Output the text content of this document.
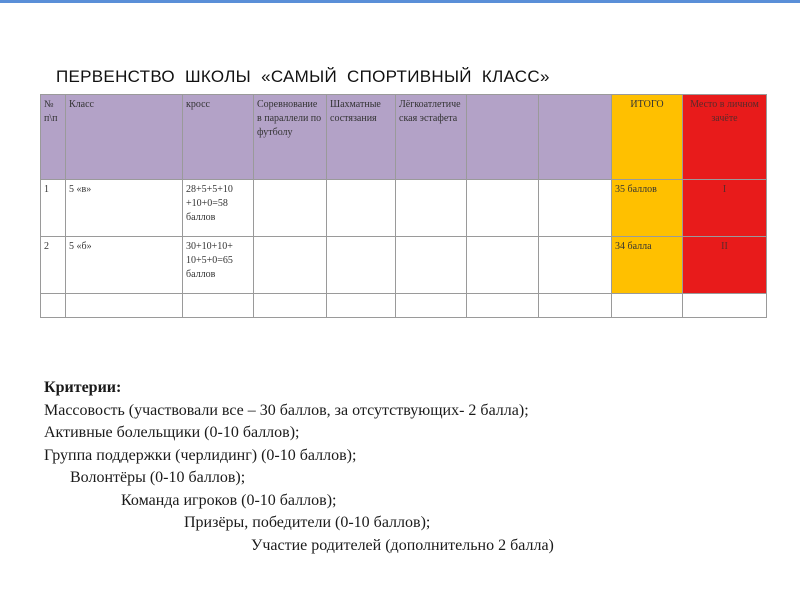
ПЕРВЕНСТВО  ШКОЛЫ  «САМЫЙ  СПОРТИВНЫЙ  КЛАСС»
№ п\п	Класс	кросс	Соревнование в параллели по футболу	Шахматные состязания	Лёгкоатлетическая эстафета			ИТОГО	Место в личном зачёте
1	5 «в»	28+5+5+10 +10+0=58 баллов						35 баллов	I
2	5 «б»	30+10+10+ 10+5+0=65 баллов						34 балла	II

Критерии:
Массовость (участвовали все – 30 баллов, за отсутствующих- 2 балла);
Активные болельщики (0-10 баллов);
Группа поддержки (черлидинг) (0-10 баллов);
Волонтёры (0-10 баллов);
Команда игроков (0-10 баллов);
Призёры, победители (0-10 баллов);
Участие родителей (дополнительно 2 балла)
